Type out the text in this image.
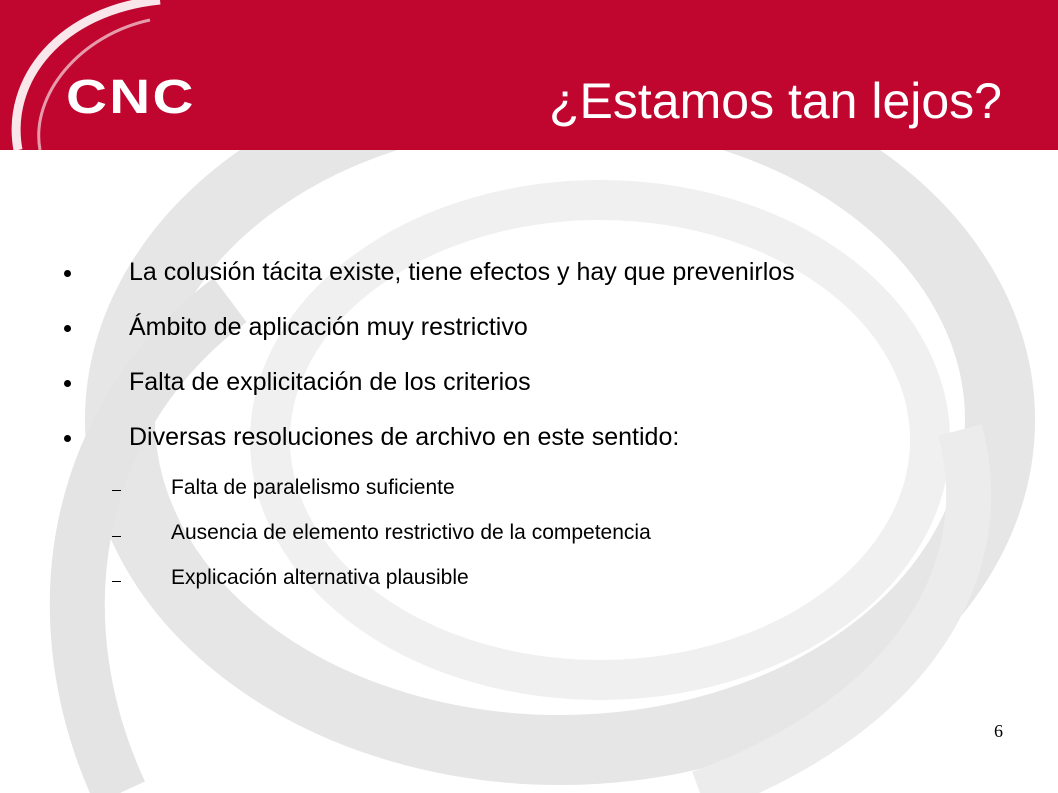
CNC	¿Estamos tan lejos?
La colusión tácita existe, tiene efectos y hay que prevenirlos
Ámbito de aplicación muy restrictivo
Falta de explicitación de los criterios
Diversas resoluciones de archivo en este sentido:
Falta de paralelismo suficiente
Ausencia de elemento restrictivo de la competencia
Explicación alternativa plausible
6
